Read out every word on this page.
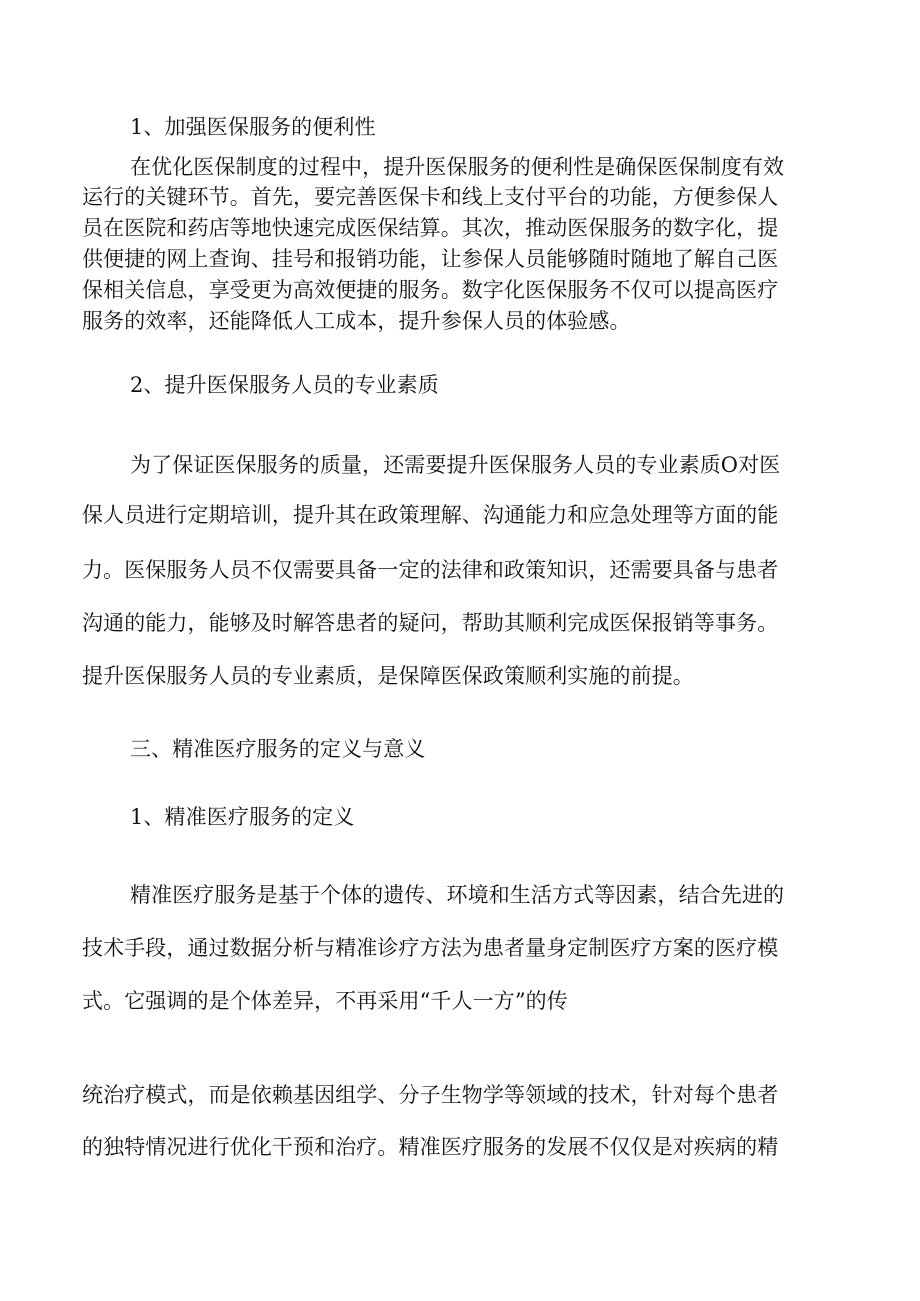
1、加强医保服务的便利性
在优化医保制度的过程中，提升医保服务的便利性是确保医保制度有效
运行的关键环节。首先，要完善医保卡和线上支付平台的功能，方便参保人
员在医院和药店等地快速完成医保结算。其次，推动医保服务的数字化，提
供便捷的网上查询、挂号和报销功能，让参保人员能够随时随地了解自己医
保相关信息，享受更为高效便捷的服务。数字化医保服务不仅可以提高医疗
服务的效率，还能降低人工成本，提升参保人员的体验感。
2、提升医保服务人员的专业素质
为了保证医保服务的质量，还需要提升医保服务人员的专业素质O对医
保人员进行定期培训，提升其在政策理解、沟通能力和应急处理等方面的能
力。医保服务人员不仅需要具备一定的法律和政策知识，还需要具备与患者
沟通的能力，能够及时解答患者的疑问，帮助其顺利完成医保报销等事务。
提升医保服务人员的专业素质，是保障医保政策顺利实施的前提。
三、精准医疗服务的定义与意义
1、精准医疗服务的定义
精准医疗服务是基于个体的遗传、环境和生活方式等因素，结合先进的
技术手段，通过数据分析与精准诊疗方法为患者量身定制医疗方案的医疗模
式。它强调的是个体差异，不再采用“千人一方”的传
统治疗模式，而是依赖基因组学、分子生物学等领域的技术，针对每个患者
的独特情况进行优化干预和治疗。精准医疗服务的发展不仅仅是对疾病的精
